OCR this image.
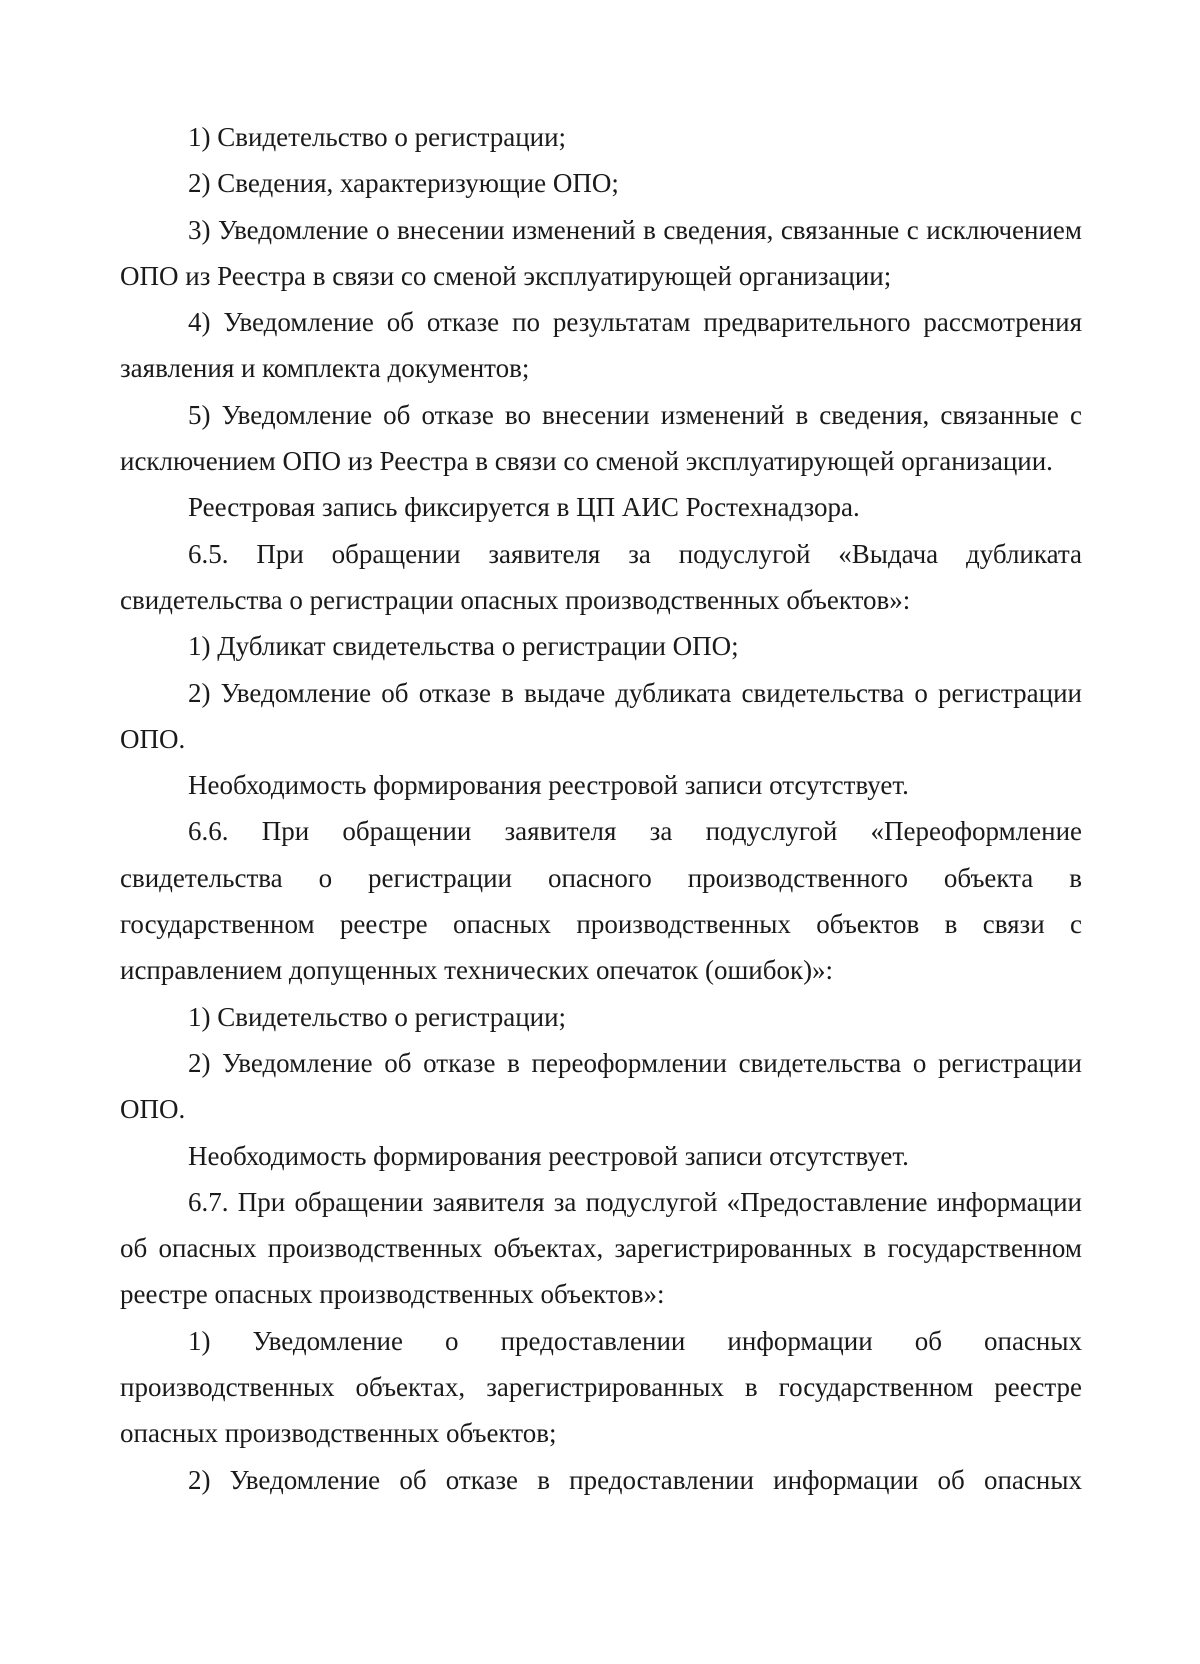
1) Свидетельство о регистрации;

2) Сведения, характеризующие ОПО;

3) Уведомление о внесении изменений в сведения, связанные с исключением ОПО из Реестра в связи со сменой эксплуатирующей организации;

4) Уведомление об отказе по результатам предварительного рассмотрения заявления и комплекта документов;

5) Уведомление об отказе во внесении изменений в сведения, связанные с исключением ОПО из Реестра в связи со сменой эксплуатирующей организации.

Реестровая запись фиксируется в ЦП АИС Ростехнадзора.

6.5. При обращении заявителя за подуслугой «Выдача дубликата свидетельства о регистрации опасных производственных объектов»:

1) Дубликат свидетельства о регистрации ОПО;

2) Уведомление об отказе в выдаче дубликата свидетельства о регистрации ОПО.

Необходимость формирования реестровой записи отсутствует.

6.6. При обращении заявителя за подуслугой «Переоформление свидетельства о регистрации опасного производственного объекта в государственном реестре опасных производственных объектов в связи с исправлением допущенных технических опечаток (ошибок)»:

1) Свидетельство о регистрации;

2) Уведомление об отказе в переоформлении свидетельства о регистрации ОПО.

Необходимость формирования реестровой записи отсутствует.

6.7. При обращении заявителя за подуслугой «Предоставление информации об опасных производственных объектах, зарегистрированных в государственном реестре опасных производственных объектов»:

1) Уведомление о предоставлении информации об опасных производственных объектах, зарегистрированных в государственном реестре опасных производственных объектов;

2) Уведомление об отказе в предоставлении информации об опасных
